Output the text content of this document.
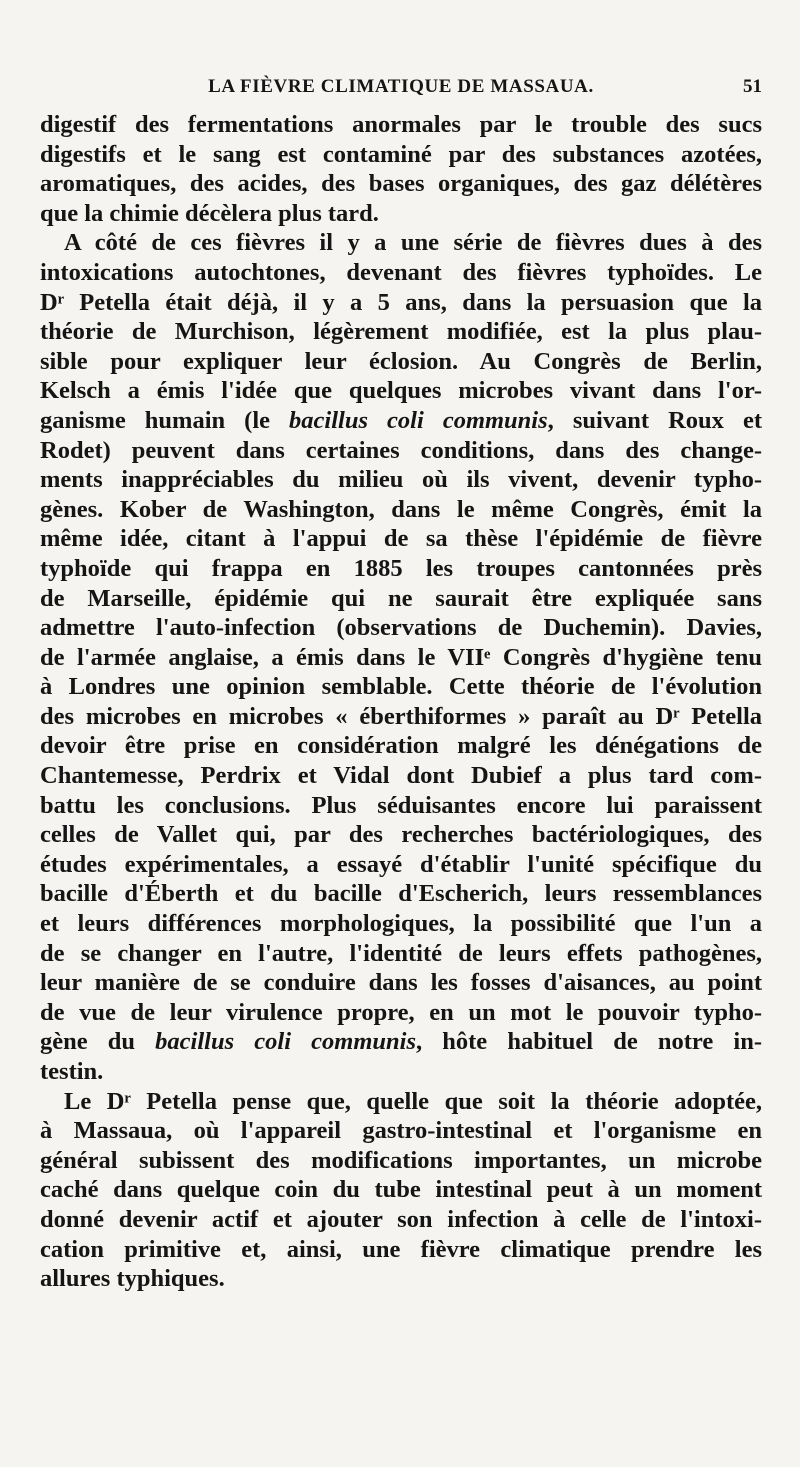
LA FIÈVRE CLIMATIQUE DE MASSAUA.	51

digestif des fermentations anormales par le trouble des sucs
digestifs et le sang est contaminé par des substances azotées,
aromatiques, des acides, des bases organiques, des gaz délétères
que la chimie décèlera plus tard.

A côté de ces fièvres il y a une série de fièvres dues à des
intoxications autochtones, devenant des fièvres typhoïdes. Le
Dʳ Petella était déjà, il y a 5 ans, dans la persuasion que la
théorie de Murchison, légèrement modifiée, est la plus plau-
sible pour expliquer leur éclosion. Au Congrès de Berlin,
Kelsch a émis l'idée que quelques microbes vivant dans l'or-
ganisme humain (le bacillus coli communis, suivant Roux et
Rodet) peuvent dans certaines conditions, dans des change-
ments inappréciables du milieu où ils vivent, devenir typho-
gènes. Kober de Washington, dans le même Congrès, émit la
même idée, citant à l'appui de sa thèse l'épidémie de fièvre
typhoïde qui frappa en 1885 les troupes cantonnées près
de Marseille, épidémie qui ne saurait être expliquée sans
admettre l'auto-infection (observations de Duchemin). Davies,
de l'armée anglaise, a émis dans le VIIᵉ Congrès d'hygiène tenu
à Londres une opinion semblable. Cette théorie de l'évolution
des microbes en microbes « éberthiformes » paraît au Dʳ Petella
devoir être prise en considération malgré les dénégations de
Chantemesse, Perdrix et Vidal dont Dubief a plus tard com-
battu les conclusions. Plus séduisantes encore lui paraissent
celles de Vallet qui, par des recherches bactériologiques, des
études expérimentales, a essayé d'établir l'unité spécifique du
bacille d'Éberth et du bacille d'Escherich, leurs ressemblances
et leurs différences morphologiques, la possibilité que l'un a
de se changer en l'autre, l'identité de leurs effets pathogènes,
leur manière de se conduire dans les fosses d'aisances, au point
de vue de leur virulence propre, en un mot le pouvoir typho-
gène du bacillus coli communis, hôte habituel de notre in-
testin.

Le Dʳ Petella pense que, quelle que soit la théorie adoptée,
à Massaua, où l'appareil gastro-intestinal et l'organisme en
général subissent des modifications importantes, un microbe
caché dans quelque coin du tube intestinal peut à un moment
donné devenir actif et ajouter son infection à celle de l'intoxi-
cation primitive et, ainsi, une fièvre climatique prendre les
allures typhiques.
